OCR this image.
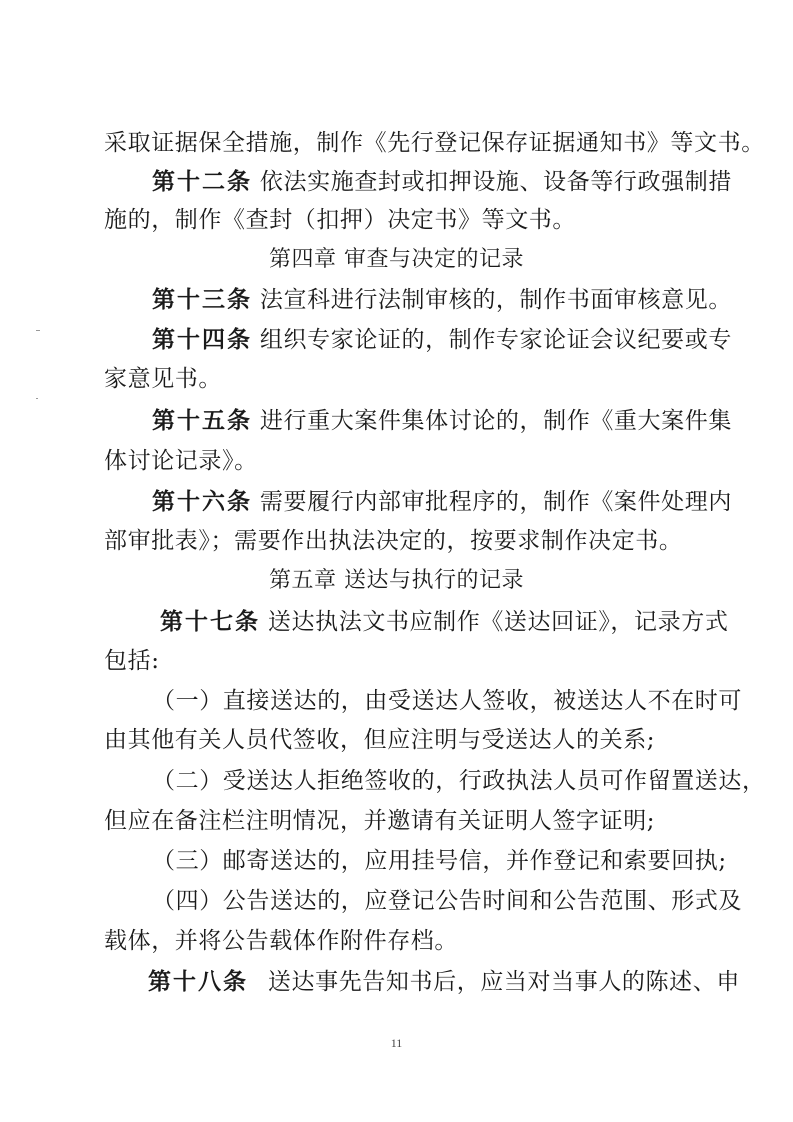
采取证据保全措施，制作《先行登记保存证据通知书》等文书。
第十二条 依法实施查封或扣押设施、设备等行政强制措
施的，制作《查封（扣押）决定书》等文书。
第四章 审查与决定的记录
第十三条 法宣科进行法制审核的，制作书面审核意见。
第十四条 组织专家论证的，制作专家论证会议纪要或专
家意见书。
第十五条 进行重大案件集体讨论的，制作《重大案件集
体讨论记录》。
第十六条 需要履行内部审批程序的，制作《案件处理内
部审批表》；需要作出执法决定的，按要求制作决定书。
第五章 送达与执行的记录
第十七条 送达执法文书应制作《送达回证》，记录方式
包括:
（一）直接送达的，由受送达人签收，被送达人不在时可
由其他有关人员代签收，但应注明与受送达人的关系;
（二）受送达人拒绝签收的，行政执法人员可作留置送达，
但应在备注栏注明情况，并邀请有关证明人签字证明;
（三）邮寄送达的，应用挂号信，并作登记和索要回执;
（四）公告送达的，应登记公告时间和公告范围、形式及
载体，并将公告载体作附件存档。
第十八条 送达事先告知书后，应当对当事人的陈述、申
11
